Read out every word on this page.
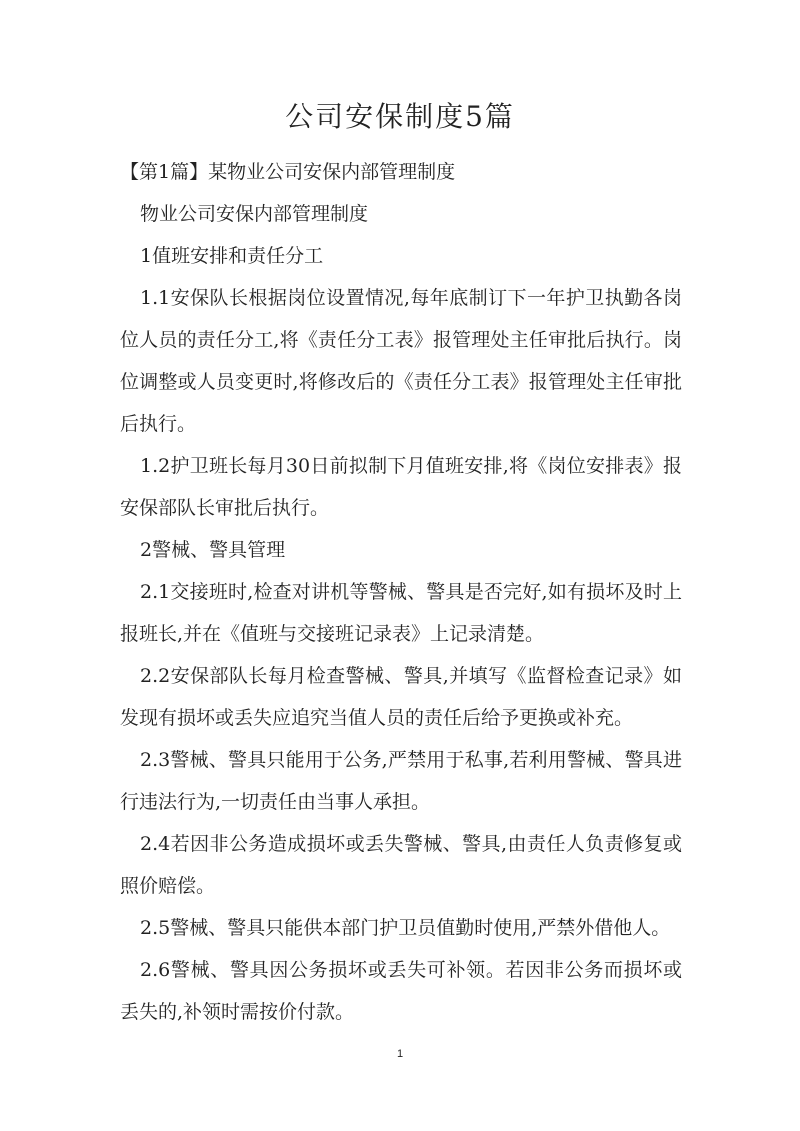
公司安保制度5篇

【第1篇】某物业公司安保内部管理制度

物业公司安保内部管理制度

1值班安排和责任分工

1.1安保队长根据岗位设置情况,每年底制订下一年护卫执勤各岗位人员的责任分工,将《责任分工表》报管理处主任审批后执行。岗位调整或人员变更时,将修改后的《责任分工表》报管理处主任审批后执行。

1.2护卫班长每月30日前拟制下月值班安排,将《岗位安排表》报安保部队长审批后执行。

2警械、警具管理

2.1交接班时,检查对讲机等警械、警具是否完好,如有损坏及时上报班长,并在《值班与交接班记录表》上记录清楚。

2.2安保部队长每月检查警械、警具,并填写《监督检查记录》如发现有损坏或丢失应追究当值人员的责任后给予更换或补充。

2.3警械、警具只能用于公务,严禁用于私事,若利用警械、警具进行违法行为,一切责任由当事人承担。

2.4若因非公务造成损坏或丢失警械、警具,由责任人负责修复或照价赔偿。

2.5警械、警具只能供本部门护卫员值勤时使用,严禁外借他人。

2.6警械、警具因公务损坏或丢失可补领。若因非公务而损坏或丢失的,补领时需按价付款。

1
